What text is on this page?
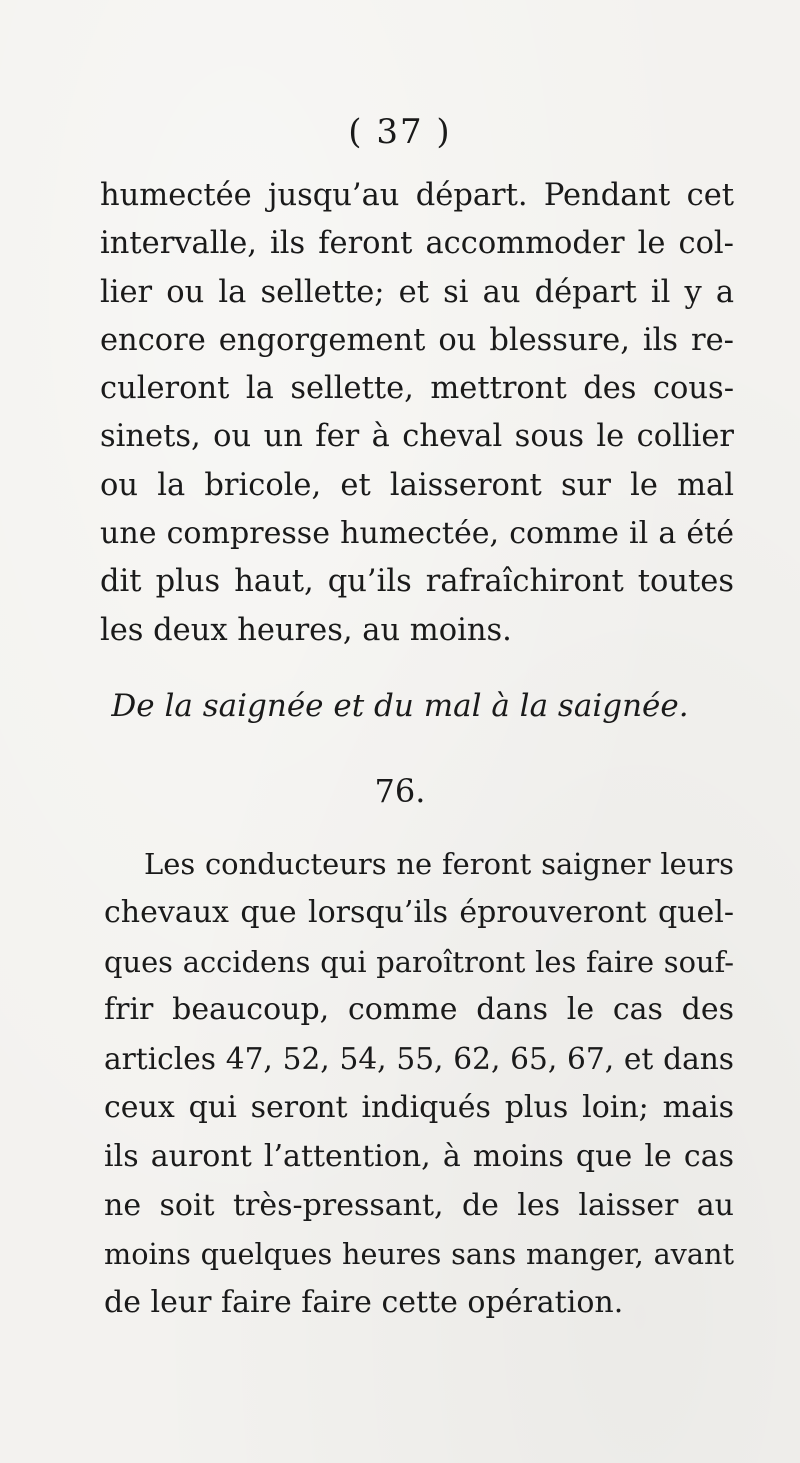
( 37 )
humectée jusqu’au départ. Pendant cet
intervalle, ils feront accommoder le col-
lier ou la sellette; et si au départ il y a
encore engorgement ou blessure, ils re-
culeront la sellette, mettront des cous-
sinets, ou un fer à cheval sous le collier
ou la bricole, et laisseront sur le mal
une compresse humectée, comme il a été
dit plus haut, qu’ils rafraîchiront toutes
les deux heures, au moins.
De la saignée et du mal à la saignée.
76.
Les conducteurs ne feront saigner leurs
chevaux que lorsqu’ils éprouveront quel-
ques accidens qui paroîtront les faire souf-
frir beaucoup, comme dans le cas des
articles 47, 52, 54, 55, 62, 65, 67, et dans
ceux qui seront indiqués plus loin; mais
ils auront l’attention, à moins que le cas
ne soit très-pressant, de les laisser au
moins quelques heures sans manger, avant
de leur faire faire cette opération.
